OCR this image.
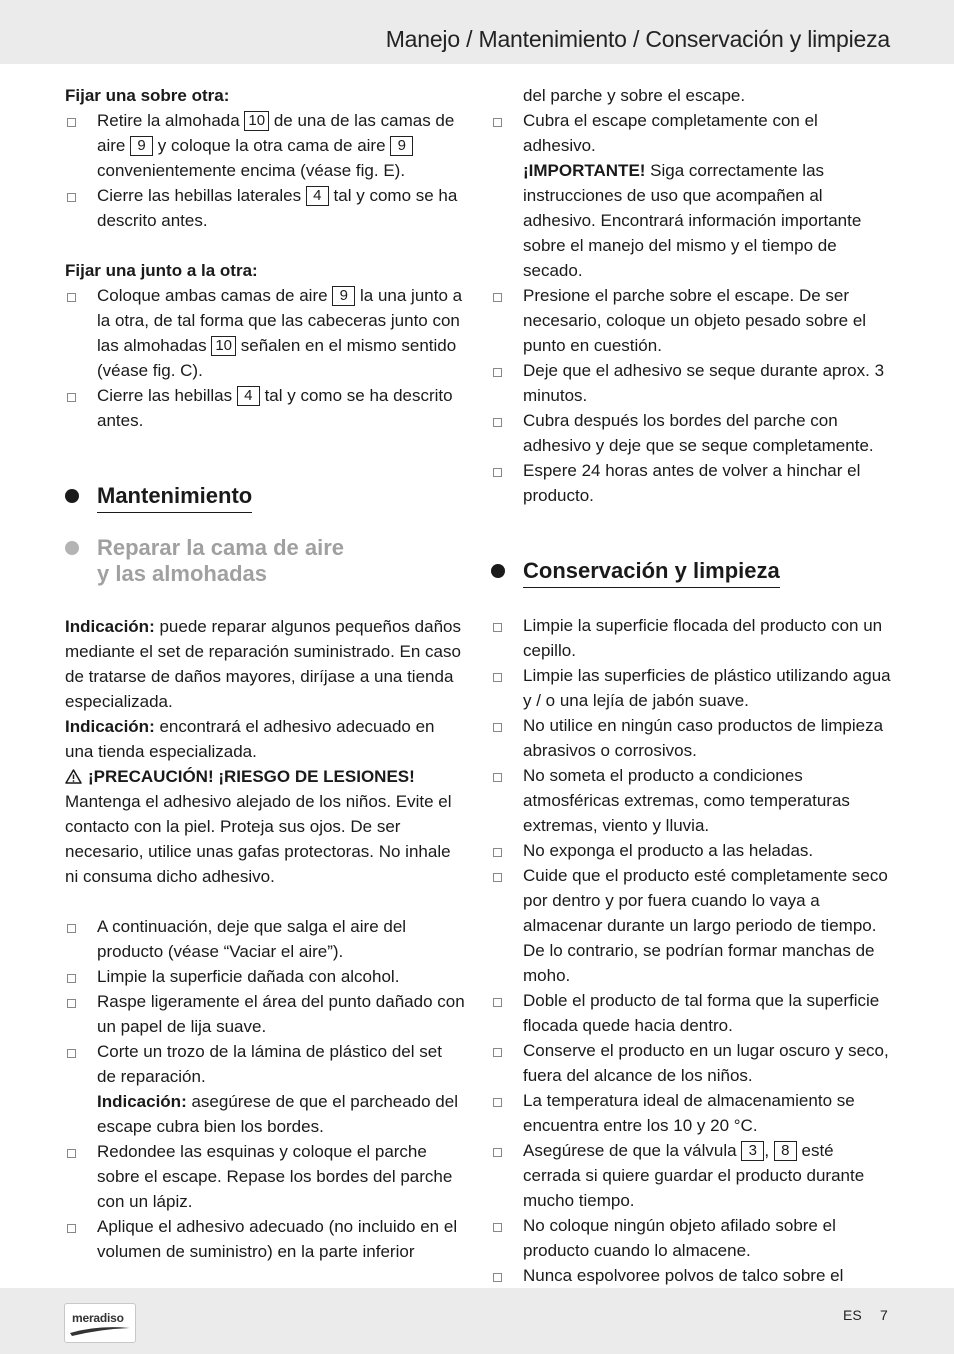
Manejo / Mantenimiento / Conservación y limpieza
Fijar una sobre otra:
Retire la almohada 10 de una de las camas de aire 9 y coloque la otra cama de aire 9 convenientemente encima (véase fig. E).
Cierre las hebillas laterales 4 tal y como se ha descrito antes.
Fijar una junto a la otra:
Coloque ambas camas de aire 9 la una junto a la otra, de tal forma que las cabeceras junto con las almohadas 10 señalen en el mismo sentido (véase fig. C).
Cierre las hebillas 4 tal y como se ha descrito antes.
Mantenimiento
Reparar la cama de aire y las almohadas
Indicación: puede reparar algunos pequeños daños mediante el set de reparación suministrado. En caso de tratarse de daños mayores, diríjase a una tienda especializada.
Indicación: encontrará el adhesivo adecuado en una tienda especializada.
¡PRECAUCIÓN! ¡RIESGO DE LESIONES!
Mantenga el adhesivo alejado de los niños. Evite el contacto con la piel. Proteja sus ojos. De ser necesario, utilice unas gafas protectoras. No inhale ni consuma dicho adhesivo.
A continuación, deje que salga el aire del producto (véase “Vaciar el aire”).
Limpie la superficie dañada con alcohol.
Raspe ligeramente el área del punto dañado con un papel de lija suave.
Corte un trozo de la lámina de plástico del set de reparación.
Indicación: asegúrese de que el parcheado del escape cubra bien los bordes.
Redondee las esquinas y coloque el parche sobre el escape. Repase los bordes del parche con un lápiz.
Aplique el adhesivo adecuado (no incluido en el volumen de suministro) en la parte inferior
del parche y sobre el escape.
Cubra el escape completamente con el adhesivo.
¡IMPORTANTE! Siga correctamente las instrucciones de uso que acompañen al adhesivo. Encontrará información importante sobre el manejo del mismo y el tiempo de secado.
Presione el parche sobre el escape. De ser necesario, coloque un objeto pesado sobre el punto en cuestión.
Deje que el adhesivo se seque durante aprox. 3 minutos.
Cubra después los bordes del parche con adhesivo y deje que se seque completamente.
Espere 24 horas antes de volver a hinchar el producto.
Conservación y limpieza
Limpie la superficie flocada del producto con un cepillo.
Limpie las superficies de plástico utilizando agua y / o una lejía de jabón suave.
No utilice en ningún caso productos de limpieza abrasivos o corrosivos.
No someta el producto a condiciones atmosféricas extremas, como temperaturas extremas, viento y lluvia.
No exponga el producto a las heladas.
Cuide que el producto esté completamente seco por dentro y por fuera cuando lo vaya a almacenar durante un largo periodo de tiempo. De lo contrario, se podrían formar manchas de moho.
Doble el producto de tal forma que la superficie flocada quede hacia dentro.
Conserve el producto en un lugar oscuro y seco, fuera del alcance de los niños.
La temperatura ideal de almacenamiento se encuentra entre los 10 y 20 °C.
Asegúrese de que la válvula 3 , 8 esté cerrada si quiere guardar el producto durante mucho tiempo.
No coloque ningún objeto afilado sobre el producto cuando lo almacene.
Nunca espolvoree polvos de talco sobre el
meradiso	ES 7
